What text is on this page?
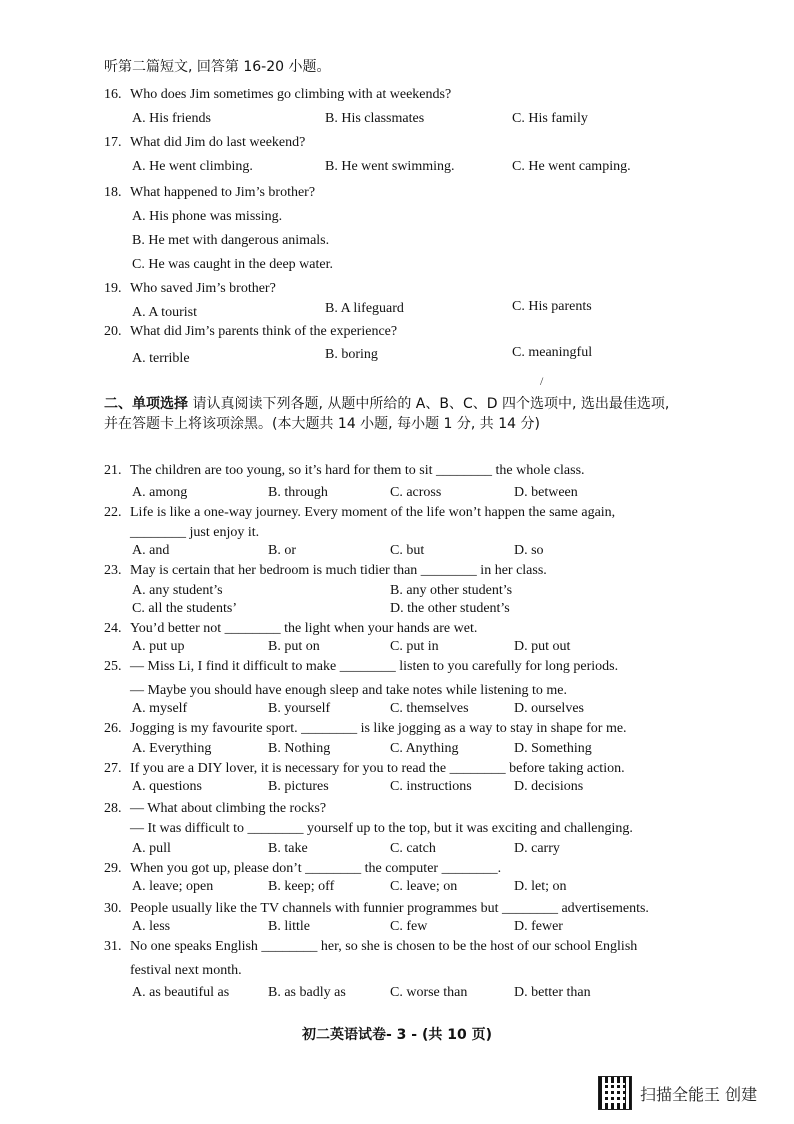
听第二篇短文, 回答第 16-20 小题。
16. Who does Jim sometimes go climbing with at weekends?
A. His friends	B. His classmates	C. His family
17. What did Jim do last weekend?
A. He went climbing.	B. He went swimming.	C. He went camping.
18. What happened to Jim’s brother?
A. His phone was missing.
B. He met with dangerous animals.
C. He was caught in the deep water.
19. Who saved Jim’s brother?
A. A tourist	B. A lifeguard	C. His parents
20. What did Jim’s parents think of the experience?
A. terrible	B. boring	C. meaningful
/
二、单项选择 请认真阅读下列各题, 从题中所给的 A、B、C、D 四个选项中, 选出最佳选项,
并在答题卡上将该项涂黑。(本大题共 14 小题, 每小题 1 分, 共 14 分)
21. The children are too young, so it’s hard for them to sit ________ the whole class.
A. among	B. through	C. across	D. between
22. Life is like a one-way journey. Every moment of the life won’t happen the same again,
________ just enjoy it.
A. and	B. or	C. but	D. so
23. May is certain that her bedroom is much tidier than ________ in her class.
A. any student’s	B. any other student’s
C. all the students’	D. the other student’s
24. You’d better not ________ the light when your hands are wet.
A. put up	B. put on	C. put in	D. put out
25. — Miss Li, I find it difficult to make ________ listen to you carefully for long periods.
— Maybe you should have enough sleep and take notes while listening to me.
A. myself	B. yourself	C. themselves	D. ourselves
26. Jogging is my favourite sport. ________ is like jogging as a way to stay in shape for me.
A. Everything	B. Nothing	C. Anything	D. Something
27. If you are a DIY lover, it is necessary for you to read the ________ before taking action.
A. questions	B. pictures	C. instructions	D. decisions
28. — What about climbing the rocks?
— It was difficult to ________ yourself up to the top, but it was exciting and challenging.
A. pull	B. take	C. catch	D. carry
29. When you got up, please don’t ________ the computer ________.
A. leave; open	B. keep; off	C. leave; on	D. let; on
30. People usually like the TV channels with funnier programmes but ________ advertisements.
A. less	B. little	C. few	D. fewer
31. No one speaks English ________ her, so she is chosen to be the host of our school English
festival next month.
A. as beautiful as	B. as badly as	C. worse than	D. better than
初二英语试卷- 3 - (共 10 页)
扫描全能王 创建
